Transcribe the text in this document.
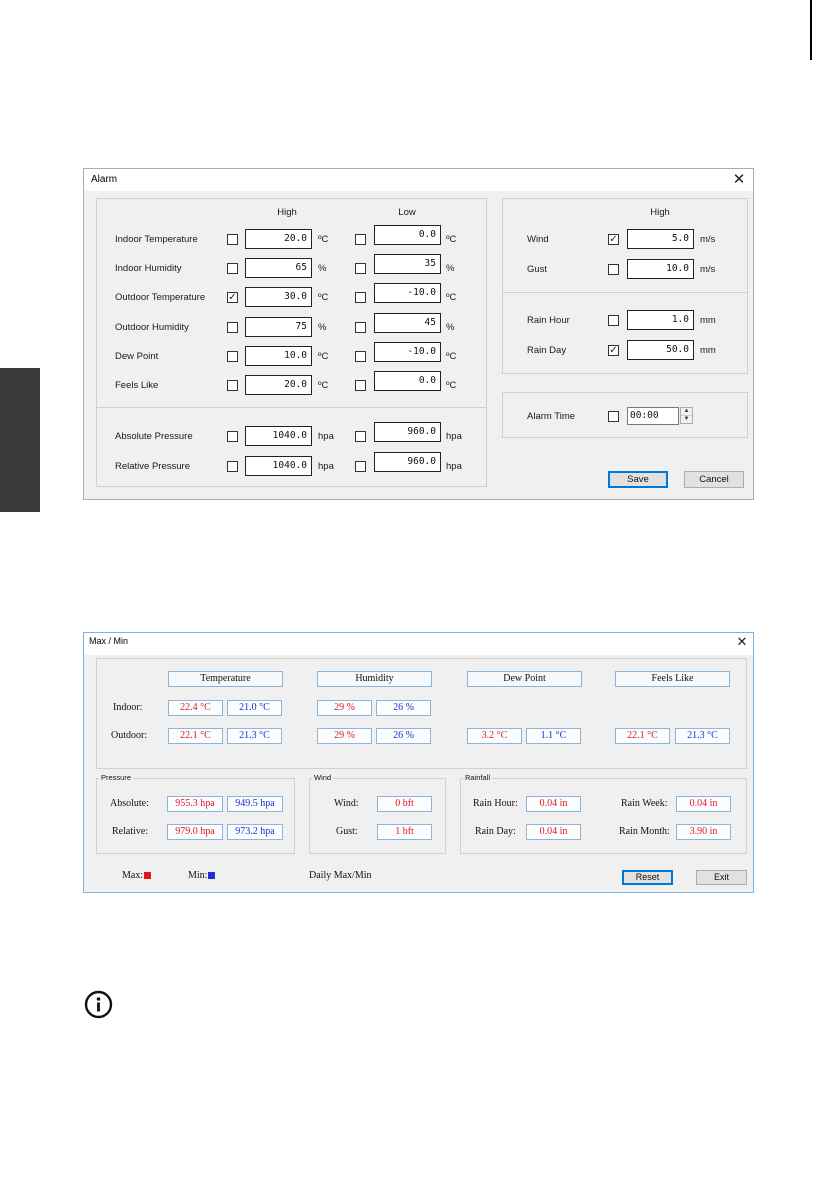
Alarm	✕
High	Low
Indoor Temperature	20.0	ºC	0.0	ºC
Indoor Humidity	65	%	35	%
Outdoor Temperature ✓	30.0	ºC	-10.0	ºC
Outdoor Humidity	75	%	45	%
Dew Point	10.0	ºC	-10.0	ºC
Feels Like	20.0	ºC	0.0	ºC
Absolute Pressure	1040.0	hpa	960.0	hpa
Relative Pressure	1040.0	hpa	960.0	hpa
High
Wind	✓	5.0	m/s
Gust	10.0	m/s
Rain Hour	1.0	mm
Rain Day	✓	50.0	mm
Alarm Time	00:00	▲
▼
Save	Cancel
Max / Min	✕
Temperature	Humidity	Dew Point	Feels Like
Indoor:	22.4 °C	21.0 °C	29 %	26 %
Outdoor:	22.1 °C	21.3 °C	29 %	26 %	3.2 °C	1.1 °C	22.1 °C	21.3 °C
Pressure
Absolute:	955.3 hpa	949.5 hpa
Relative:	979.0 hpa	973.2 hpa
Wind
Wind:	0 bft
Gust:	1 bft
Rainfall
Rain Hour:	0.04 in
Rain Day:	0.04 in
Rain Week:	0.04 in
Rain Month:	3.90 in
Max:	Min:	Daily Max/Min	Reset	Exit
